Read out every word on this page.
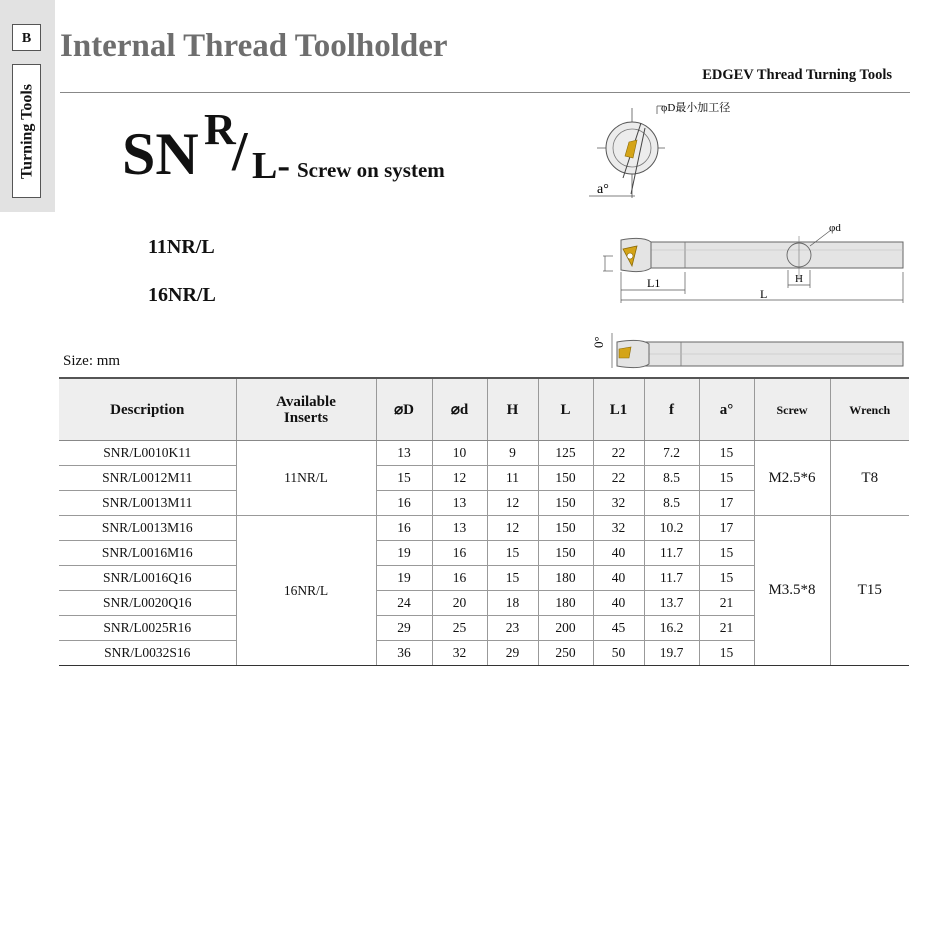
B
Turning Tools
Internal Thread Toolholder
EDGEV Thread Turning Tools
SN R
/ L- Screw on system
11NR/L
16NR/L
Size: mm
φD最小加工径
a°
φd
L1
L
H
0°
Description	Available
Inserts	⌀D	⌀d	H	L	L1	f	a°	Screw	Wrench
SNR/L0010K11	11NR/L	13	10	9	125	22	7.2	15	M2.5*6	T8
SNR/L0012M11		15	12	11	150	22	8.5	15		
SNR/L0013M11		16	13	12	150	32	8.5	17		
SNR/L0013M16	16NR/L	16	13	12	150	32	10.2	17	M3.5*8	T15
SNR/L0016M16		19	16	15	150	40	11.7	15		
SNR/L0016Q16		19	16	15	180	40	11.7	15		
SNR/L0020Q16		24	20	18	180	40	13.7	21		
SNR/L0025R16		29	25	23	200	45	16.2	21		
SNR/L0032S16		36	32	29	250	50	19.7	15		
